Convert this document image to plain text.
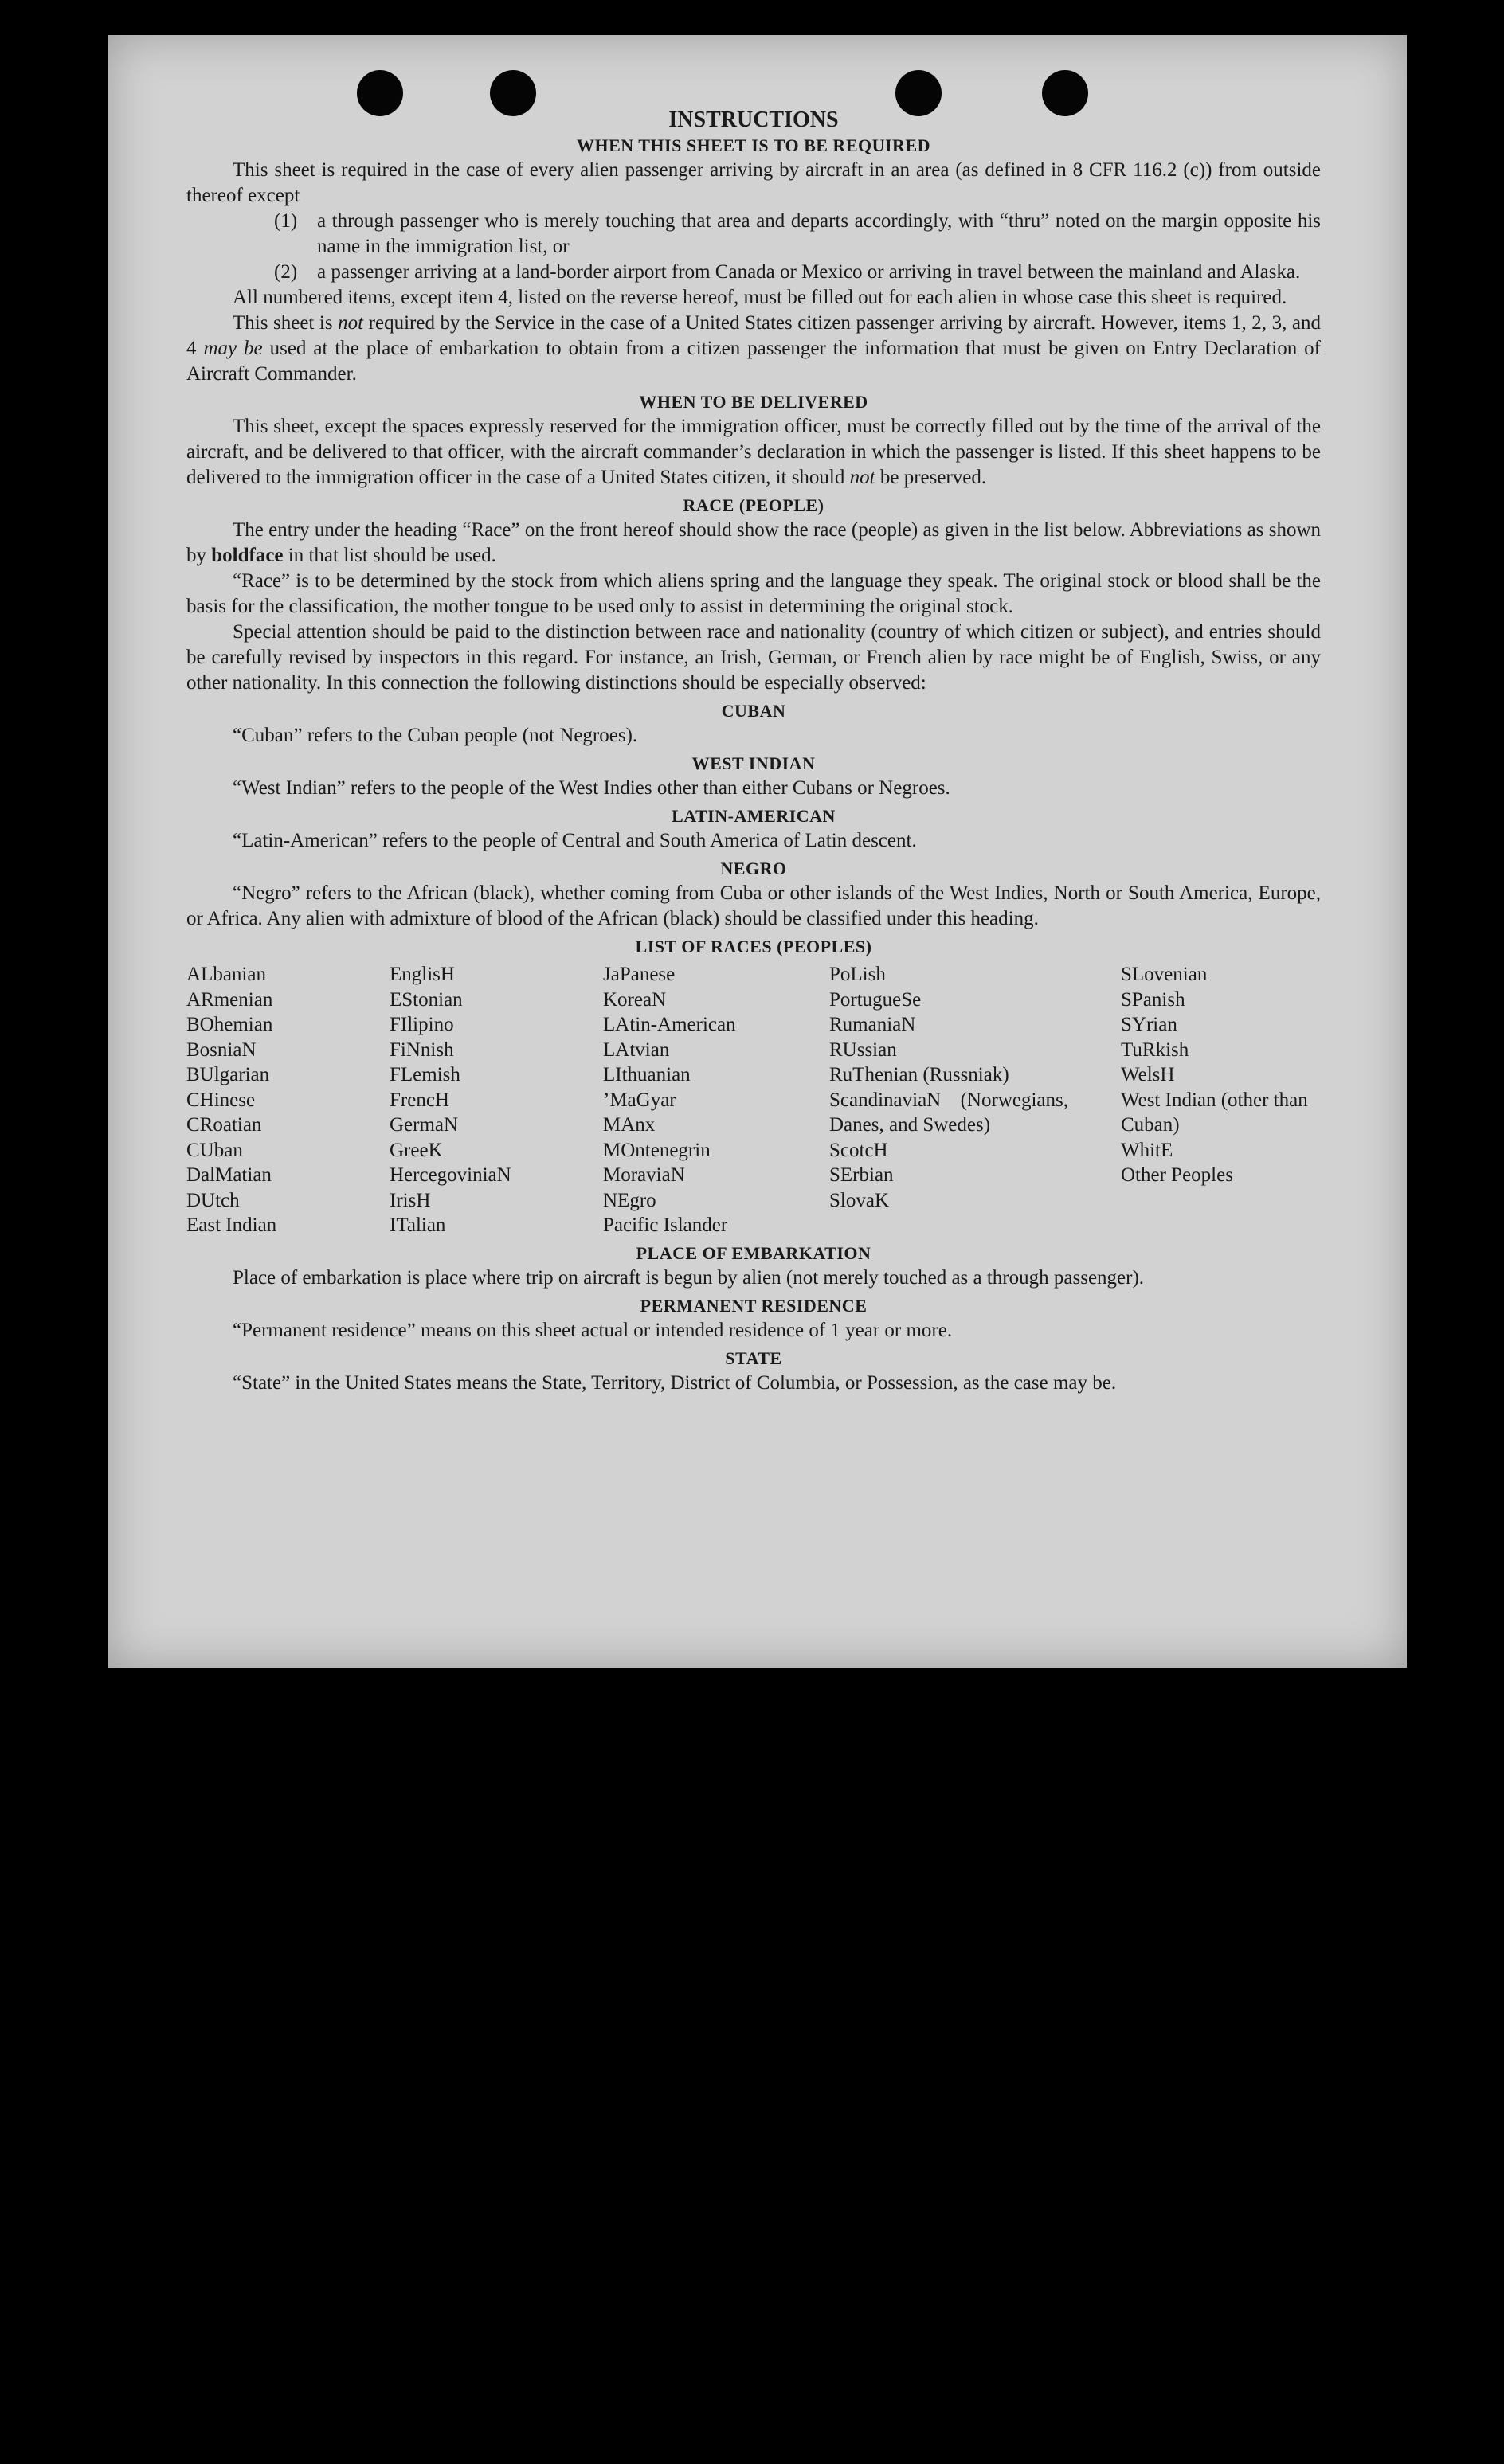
INSTRUCTIONS
WHEN THIS SHEET IS TO BE REQUIRED

This sheet is required in the case of every alien passenger arriving by aircraft in an area (as defined in 8 CFR 116.2 (c)) from outside thereof except

(1) a through passenger who is merely touching that area and departs accordingly, with “thru” noted on the margin opposite his name in the immigration list, or
(2) a passenger arriving at a land-border airport from Canada or Mexico or arriving in travel between the mainland and Alaska.

All numbered items, except item 4, listed on the reverse hereof, must be filled out for each alien in whose case this sheet is required.

This sheet is not required by the Service in the case of a United States citizen passenger arriving by aircraft. However, items 1, 2, 3, and 4 may be used at the place of embarkation to obtain from a citizen passenger the information that must be given on Entry Declaration of Aircraft Commander.

WHEN TO BE DELIVERED

This sheet, except the spaces expressly reserved for the immigration officer, must be correctly filled out by the time of the arrival of the aircraft, and be delivered to that officer, with the aircraft commander’s declaration in which the passenger is listed. If this sheet happens to be delivered to the immigration officer in the case of a United States citizen, it should not be preserved.

RACE (PEOPLE)

The entry under the heading “Race” on the front hereof should show the race (people) as given in the list below. Abbreviations as shown by boldface in that list should be used.

“Race” is to be determined by the stock from which aliens spring and the language they speak. The original stock or blood shall be the basis for the classification, the mother tongue to be used only to assist in determining the original stock.

Special attention should be paid to the distinction between race and nationality (country of which citizen or subject), and entries should be carefully revised by inspectors in this regard. For instance, an Irish, German, or French alien by race might be of English, Swiss, or any other nationality. In this connection the following distinctions should be especially observed:

CUBAN

“Cuban” refers to the Cuban people (not Negroes).

WEST INDIAN

“West Indian” refers to the people of the West Indies other than either Cubans or Negroes.

LATIN-AMERICAN

“Latin-American” refers to the people of Central and South America of Latin descent.

NEGRO

“Negro” refers to the African (black), whether coming from Cuba or other islands of the West Indies, North or South America, Europe, or Africa. Any alien with admixture of blood of the African (black) should be classified under this heading.

LIST OF RACES (PEOPLES)
ALbanian
ARmenian
BOhemian
BosniaN
BUlgarian
CHinese
CRoatian
CUban
DalMatian
DUtch
East Indian
EnglisH
EStonian
FIlipino
FiNnish
FLemish
FrencH
GermaN
GreeK
HercegoviniaN
IrisH
ITalian
JaPanese
KoreaN
LAtin-American
LAtvian
LIthuanian
’MaGyar
MAnx
MOntenegrin
MoraviaN
NEgro
Pacific Islander
PoLish
PortugueSe
RumaniaN
RUssian
RuThenian (Russniak)
ScandinaviaN (Norwegians, Danes, and Swedes)
ScotcH
SErbian
SlovaK
SLovenian
SPanish
SYrian
TuRkish
WelsH
West Indian (other than Cuban)
WhitE
Other Peoples
PLACE OF EMBARKATION

Place of embarkation is place where trip on aircraft is begun by alien (not merely touched as a through passenger).

PERMANENT RESIDENCE

“Permanent residence” means on this sheet actual or intended residence of 1 year or more.

STATE

“State” in the United States means the State, Territory, District of Columbia, or Possession, as the case may be.
